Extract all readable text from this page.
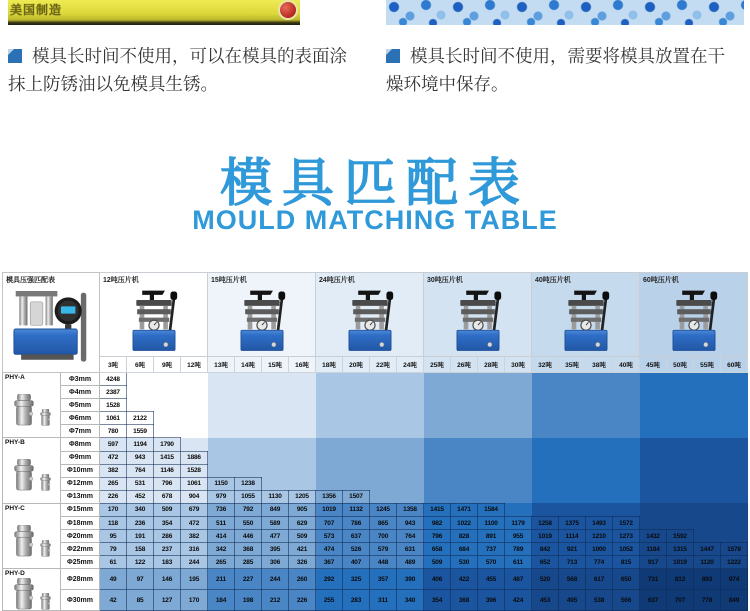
美国制造
模具长时间不使用，可以在模具的表面涂抹上防锈油以免模具生锈。
模具长时间不使用，需要将模具放置在干燥环境中保存。
模具匹配表
MOULD MATCHING TABLE
模具压强匹配表		12吨压片机				15吨压片机				24吨压片机				30吨压片机				40吨压片机				60吨压片机			

		3吨	6吨	9吨	12吨	13吨	14吨	15吨	16吨	18吨	20吨	22吨	24吨	25吨	26吨	28吨	30吨	32吨	35吨	38吨	40吨	45吨	50吨	55吨	60吨

PHY-A	Φ3mm	4248																							
	Φ4mm	2387																							
	Φ5mm	1528																							
	Φ6mm	1061	2122																						
	Φ7mm	780	1559																						

PHY-B	Φ8mm	597	1194	1790																					
	Φ9mm	472	943	1415	1886																				
	Φ10mm	382	764	1146	1528																				
	Φ12mm	265	531	796	1061	1150	1238																		
	Φ13mm	226	452	678	904	979	1055	1130	1205	1356	1507														

PHY-C	Φ15mm	170	340	509	679	736	792	849	905	1019	1132	1245	1358	1415	1471	1584									
	Φ18mm	118	236	354	472	511	550	589	629	707	786	865	943	982	1022	1100	1179	1258	1375	1493	1572				
	Φ20mm	95	191	286	382	414	446	477	509	573	637	700	764	796	828	891	955	1019	1114	1210	1273	1432	1592		
	Φ22mm	79	158	237	316	342	368	395	421	474	526	579	631	658	684	737	789	842	921	1000	1052	1184	1315	1447	1578
	Φ25mm	61	122	183	244	265	285	306	326	367	407	448	489	509	530	570	611	652	713	774	815	917	1019	1120	1222

PHY-D	Φ28mm	49	97	146	195	211	227	244	260	292	325	357	390	406	422	455	487	520	568	617	650	731	812	893	974
	Φ30mm	42	85	127	170	184	198	212	226	255	283	311	340	354	368	396	424	453	495	538	566	637	707	778	849
